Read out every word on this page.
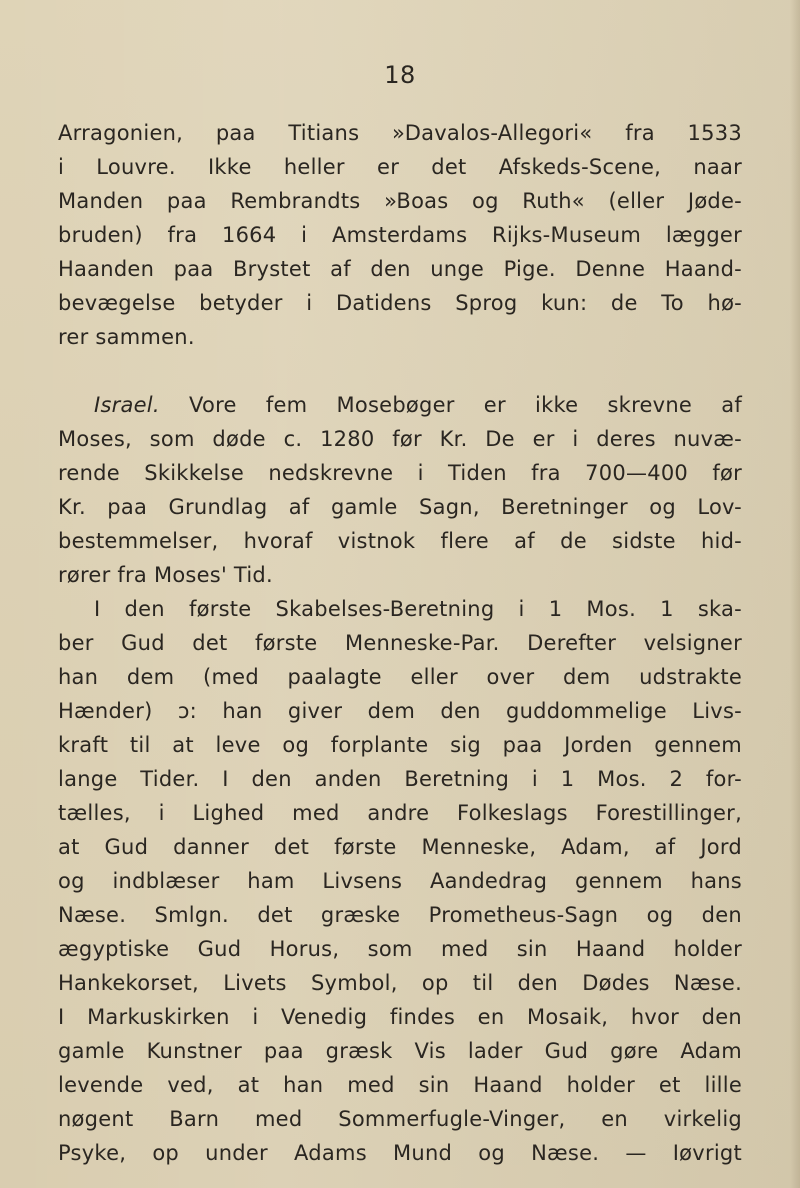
18
Arragonien, paa Titians »Davalos-Allegori« fra 1533
i Louvre. Ikke heller er det Afskeds-Scene, naar
Manden paa Rembrandts »Boas og Ruth« (eller Jøde-
bruden) fra 1664 i Amsterdams Rijks-Museum lægger
Haanden paa Brystet af den unge Pige. Denne Haand-
bevægelse betyder i Datidens Sprog kun: de To hø-
rer sammen.
Israel. Vore fem Mosebøger er ikke skrevne af
Moses, som døde c. 1280 før Kr. De er i deres nuvæ-
rende Skikkelse nedskrevne i Tiden fra 700—400 før
Kr. paa Grundlag af gamle Sagn, Beretninger og Lov-
bestemmelser, hvoraf vistnok flere af de sidste hid-
rører fra Moses' Tid.
I den første Skabelses-Beretning i 1 Mos. 1 ska-
ber Gud det første Menneske-Par. Derefter velsigner
han dem (med paalagte eller over dem udstrakte
Hænder) ɔ: han giver dem den guddommelige Livs-
kraft til at leve og forplante sig paa Jorden gennem
lange Tider. I den anden Beretning i 1 Mos. 2 for-
tælles, i Lighed med andre Folkeslags Forestillinger,
at Gud danner det første Menneske, Adam, af Jord
og indblæser ham Livsens Aandedrag gennem hans
Næse. Smlgn. det græske Prometheus-Sagn og den
ægyptiske Gud Horus, som med sin Haand holder
Hankekorset, Livets Symbol, op til den Dødes Næse.
I Markuskirken i Venedig findes en Mosaik, hvor den
gamle Kunstner paa græsk Vis lader Gud gøre Adam
levende ved, at han med sin Haand holder et lille
nøgent Barn med Sommerfugle-Vinger, en virkelig
Psyke, op under Adams Mund og Næse. — Iøvrigt
